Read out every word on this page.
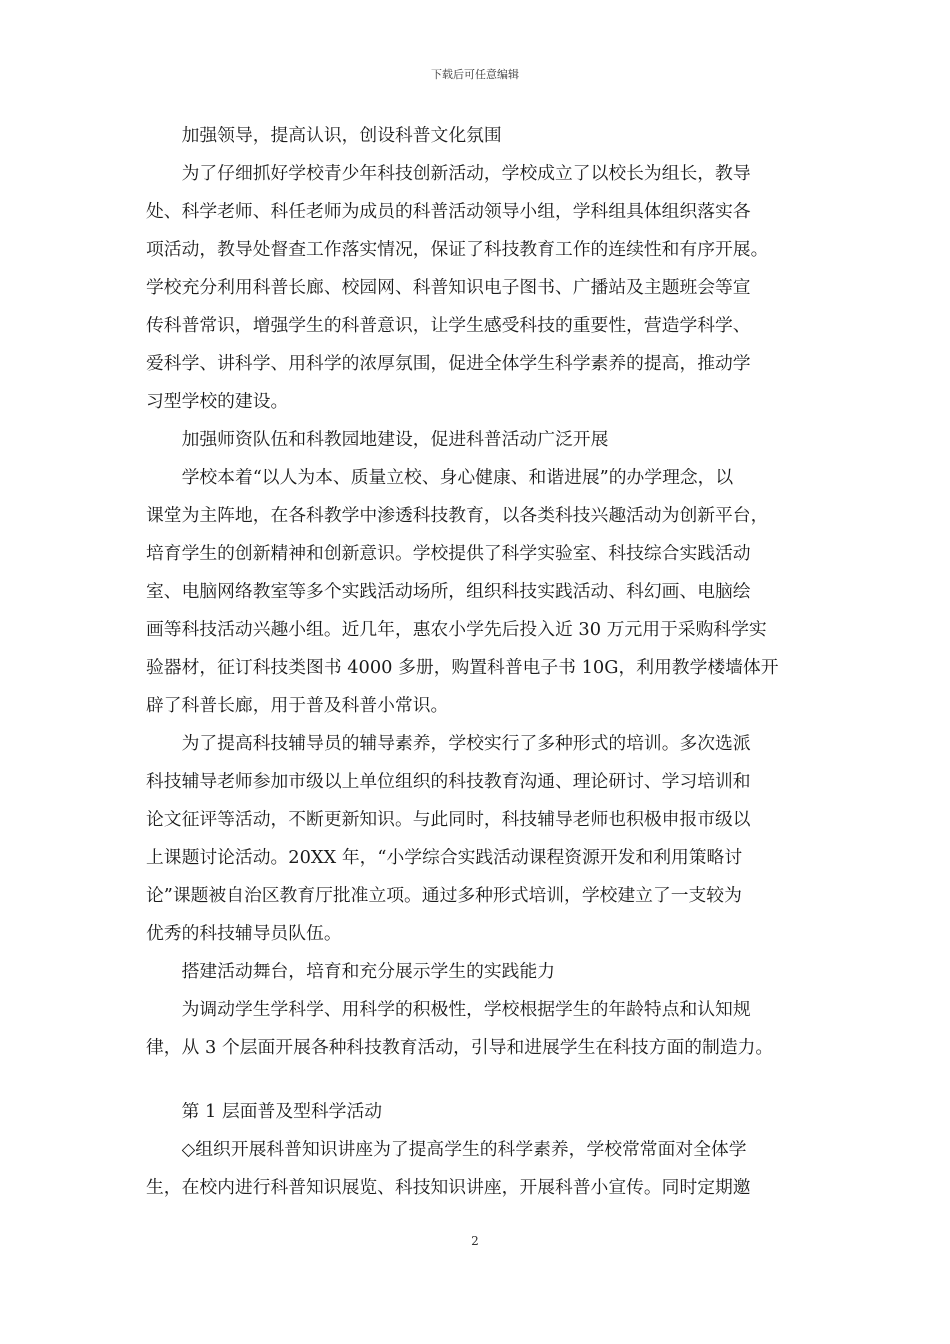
下载后可任意编辑

加强领导，提高认识，创设科普文化氛围

为了仔细抓好学校青少年科技创新活动，学校成立了以校长为组长，教导

处、科学老师、科任老师为成员的科普活动领导小组，学科组具体组织落实各

项活动，教导处督查工作落实情况，保证了科技教育工作的连续性和有序开展。

学校充分利用科普长廊、校园网、科普知识电子图书、广播站及主题班会等宣

传科普常识，增强学生的科普意识，让学生感受科技的重要性，营造学科学、

爱科学、讲科学、用科学的浓厚氛围，促进全体学生科学素养的提高，推动学

习型学校的建设。

加强师资队伍和科教园地建设，促进科普活动广泛开展

学校本着“以人为本、质量立校、身心健康、和谐进展”的办学理念，以

课堂为主阵地，在各科教学中渗透科技教育，以各类科技兴趣活动为创新平台，

培育学生的创新精神和创新意识。学校提供了科学实验室、科技综合实践活动

室、电脑网络教室等多个实践活动场所，组织科技实践活动、科幻画、电脑绘

画等科技活动兴趣小组。近几年，惠农小学先后投入近 30 万元用于采购科学实

验器材，征订科技类图书 4000 多册，购置科普电子书 10G，利用教学楼墙体开

辟了科普长廊，用于普及科普小常识。

为了提高科技辅导员的辅导素养，学校实行了多种形式的培训。多次选派

科技辅导老师参加市级以上单位组织的科技教育沟通、理论研讨、学习培训和

论文征评等活动，不断更新知识。与此同时，科技辅导老师也积极申报市级以

上课题讨论活动。20XX 年，“小学综合实践活动课程资源开发和利用策略讨

论”课题被自治区教育厅批准立项。通过多种形式培训，学校建立了一支较为

优秀的科技辅导员队伍。

搭建活动舞台，培育和充分展示学生的实践能力

为调动学生学科学、用科学的积极性，学校根据学生的年龄特点和认知规

律，从 3 个层面开展各种科技教育活动，引导和进展学生在科技方面的制造力。

第 1 层面普及型科学活动

◇组织开展科普知识讲座为了提高学生的科学素养，学校常常面对全体学

生，在校内进行科普知识展览、科技知识讲座，开展科普小宣传。同时定期邀

2
